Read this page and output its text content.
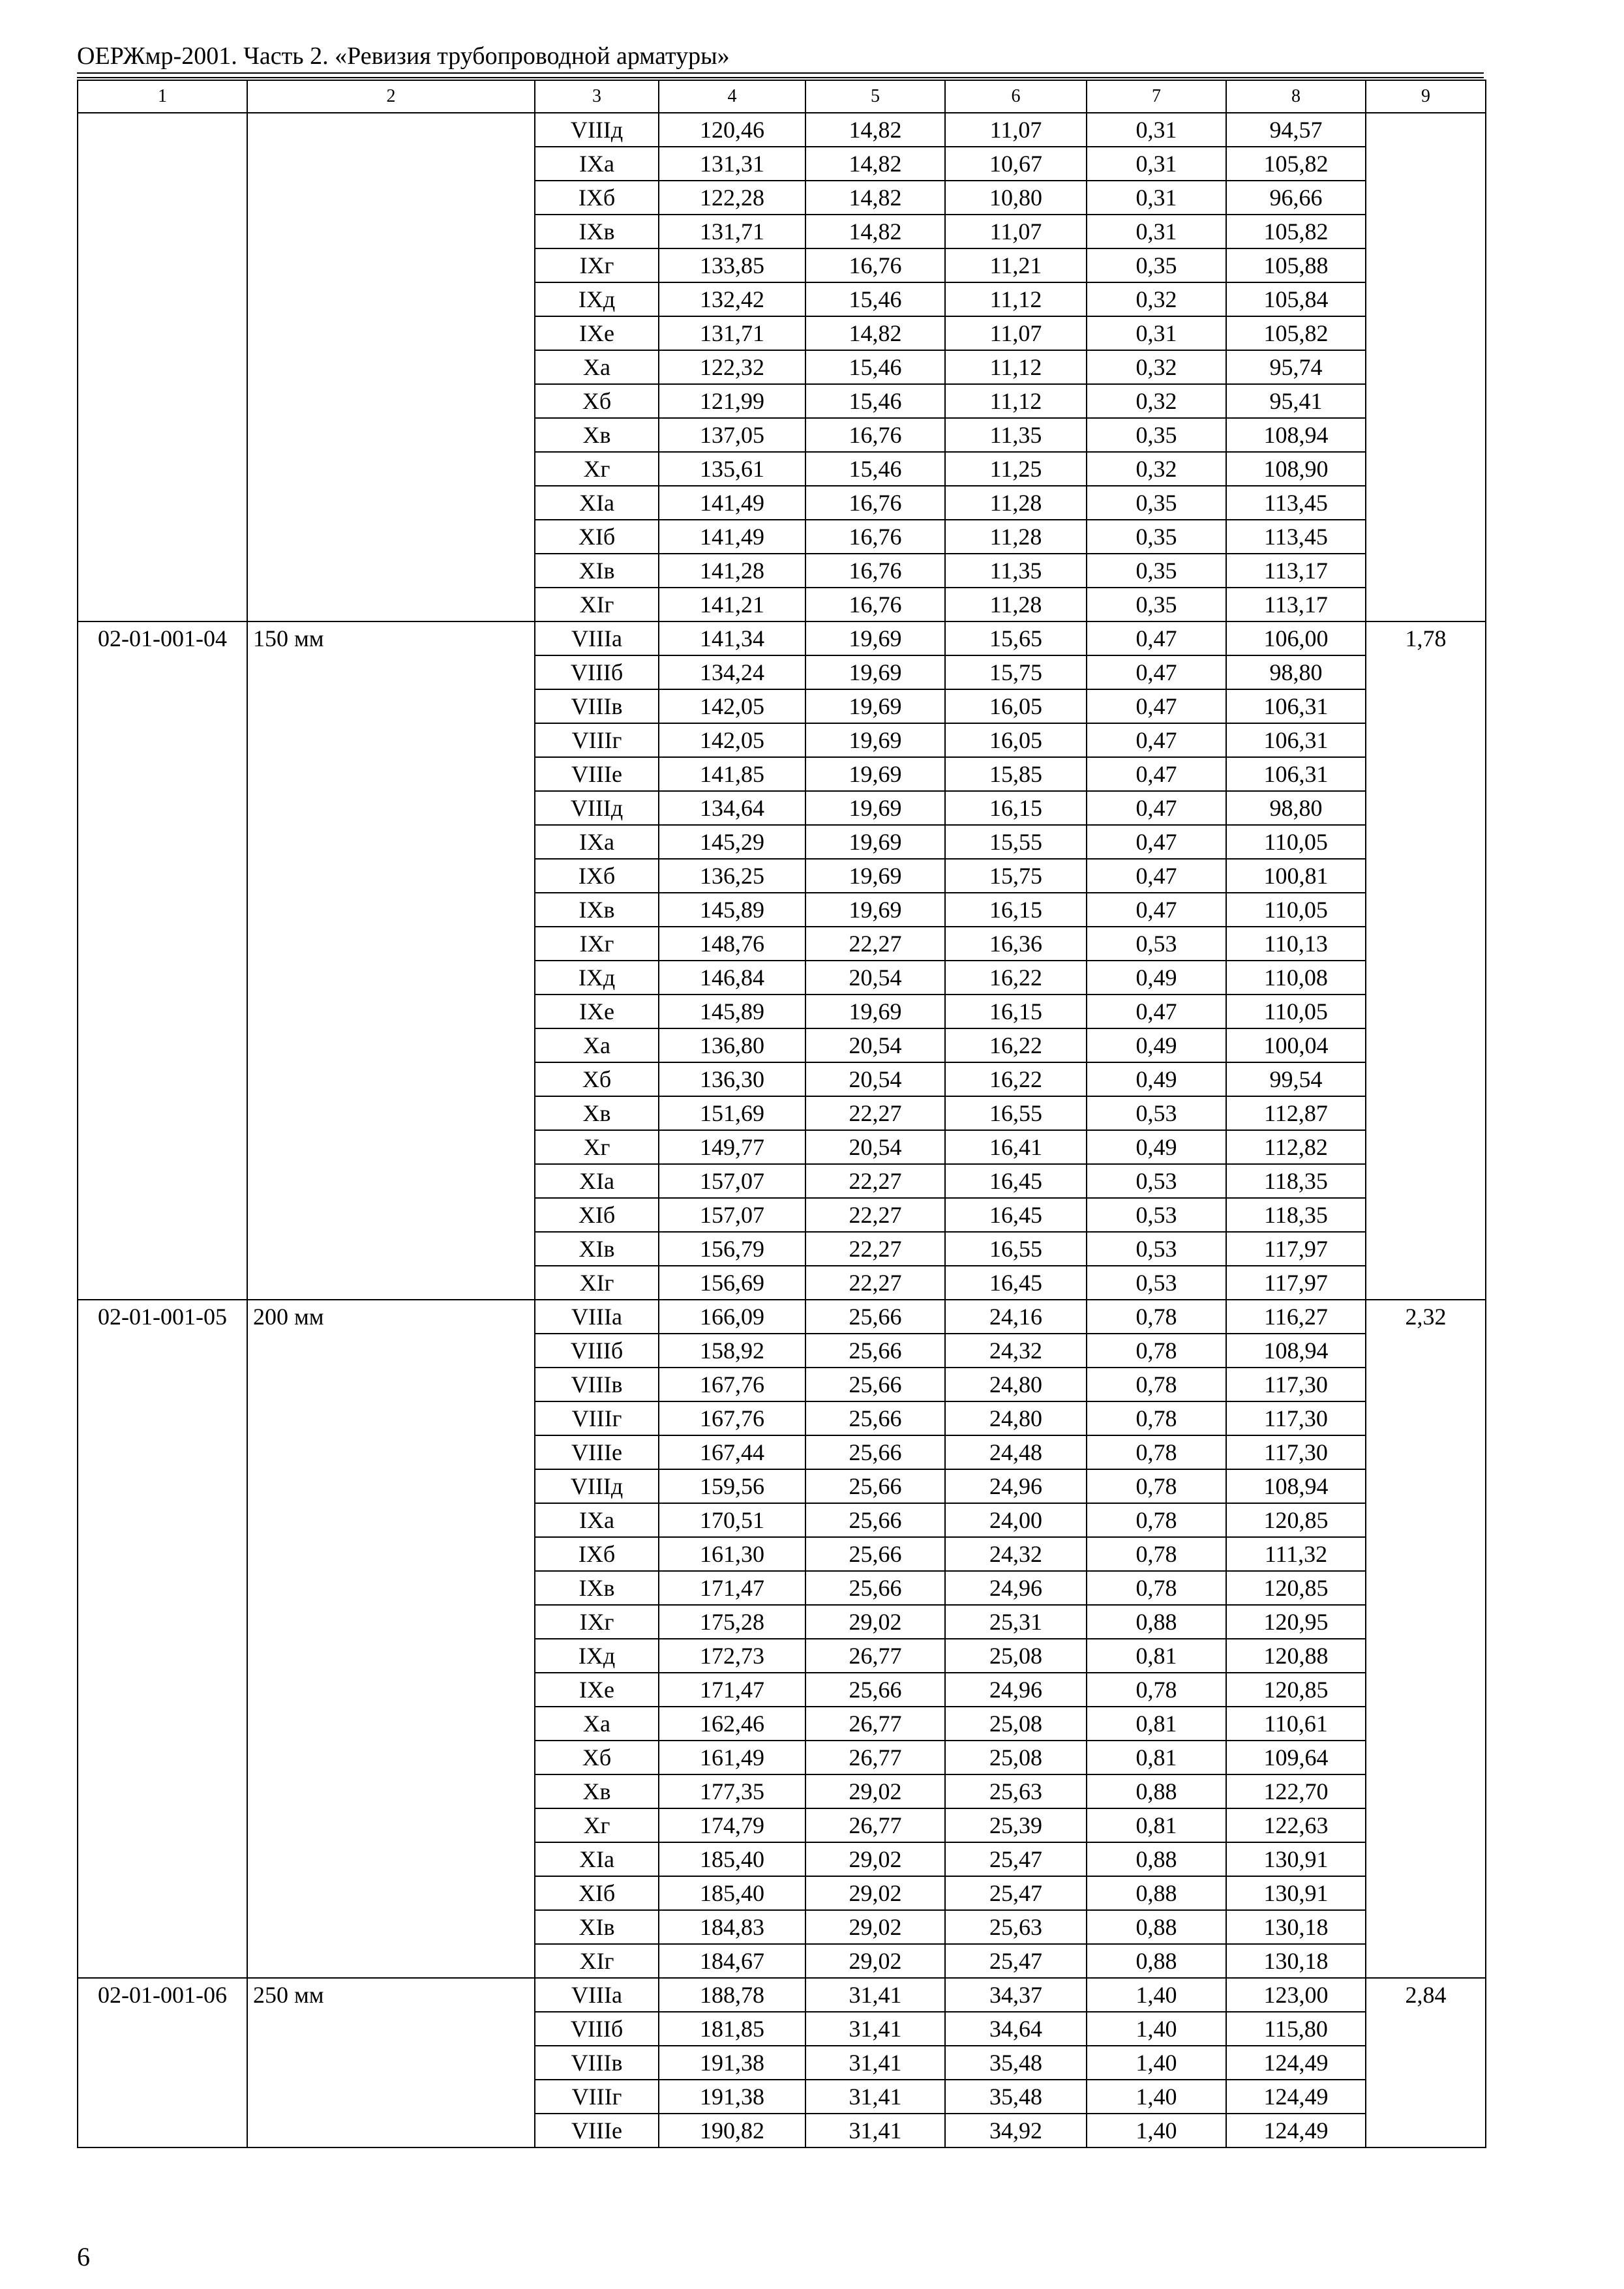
ОЕРЖмр-2001. Часть 2. «Ревизия трубопроводной арматуры»
1	2	3	4	5	6	7	8	9
		VIIIд	120,46	14,82	11,07	0,31	94,57	
		IXa	131,31	14,82	10,67	0,31	105,82	
		IXб	122,28	14,82	10,80	0,31	96,66	
		IXв	131,71	14,82	11,07	0,31	105,82	
		IXг	133,85	16,76	11,21	0,35	105,88	
		IXд	132,42	15,46	11,12	0,32	105,84	
		IXe	131,71	14,82	11,07	0,31	105,82	
		Xa	122,32	15,46	11,12	0,32	95,74	
		Xб	121,99	15,46	11,12	0,32	95,41	
		Xв	137,05	16,76	11,35	0,35	108,94	
		Xг	135,61	15,46	11,25	0,32	108,90	
		XIa	141,49	16,76	11,28	0,35	113,45	
		XIб	141,49	16,76	11,28	0,35	113,45	
		XIв	141,28	16,76	11,35	0,35	113,17	
		XIг	141,21	16,76	11,28	0,35	113,17	
02-01-001-04	150 мм	VIIIa	141,34	19,69	15,65	0,47	106,00	1,78
		VIIIб	134,24	19,69	15,75	0,47	98,80	
		VIIIв	142,05	19,69	16,05	0,47	106,31	
		VIIIг	142,05	19,69	16,05	0,47	106,31	
		VIIIe	141,85	19,69	15,85	0,47	106,31	
		VIIIд	134,64	19,69	16,15	0,47	98,80	
		IXa	145,29	19,69	15,55	0,47	110,05	
		IXб	136,25	19,69	15,75	0,47	100,81	
		IXв	145,89	19,69	16,15	0,47	110,05	
		IXг	148,76	22,27	16,36	0,53	110,13	
		IXд	146,84	20,54	16,22	0,49	110,08	
		IXe	145,89	19,69	16,15	0,47	110,05	
		Xa	136,80	20,54	16,22	0,49	100,04	
		Xб	136,30	20,54	16,22	0,49	99,54	
		Xв	151,69	22,27	16,55	0,53	112,87	
		Xг	149,77	20,54	16,41	0,49	112,82	
		XIa	157,07	22,27	16,45	0,53	118,35	
		XIб	157,07	22,27	16,45	0,53	118,35	
		XIв	156,79	22,27	16,55	0,53	117,97	
		XIг	156,69	22,27	16,45	0,53	117,97	
02-01-001-05	200 мм	VIIIa	166,09	25,66	24,16	0,78	116,27	2,32
		VIIIб	158,92	25,66	24,32	0,78	108,94	
		VIIIв	167,76	25,66	24,80	0,78	117,30	
		VIIIг	167,76	25,66	24,80	0,78	117,30	
		VIIIe	167,44	25,66	24,48	0,78	117,30	
		VIIIд	159,56	25,66	24,96	0,78	108,94	
		IXa	170,51	25,66	24,00	0,78	120,85	
		IXб	161,30	25,66	24,32	0,78	111,32	
		IXв	171,47	25,66	24,96	0,78	120,85	
		IXг	175,28	29,02	25,31	0,88	120,95	
		IXд	172,73	26,77	25,08	0,81	120,88	
		IXe	171,47	25,66	24,96	0,78	120,85	
		Xa	162,46	26,77	25,08	0,81	110,61	
		Xб	161,49	26,77	25,08	0,81	109,64	
		Xв	177,35	29,02	25,63	0,88	122,70	
		Xг	174,79	26,77	25,39	0,81	122,63	
		XIa	185,40	29,02	25,47	0,88	130,91	
		XIб	185,40	29,02	25,47	0,88	130,91	
		XIв	184,83	29,02	25,63	0,88	130,18	
		XIг	184,67	29,02	25,47	0,88	130,18	
02-01-001-06	250 мм	VIIIa	188,78	31,41	34,37	1,40	123,00	2,84
		VIIIб	181,85	31,41	34,64	1,40	115,80	
		VIIIв	191,38	31,41	35,48	1,40	124,49	
		VIIIг	191,38	31,41	35,48	1,40	124,49	
		VIIIe	190,82	31,41	34,92	1,40	124,49	
6
